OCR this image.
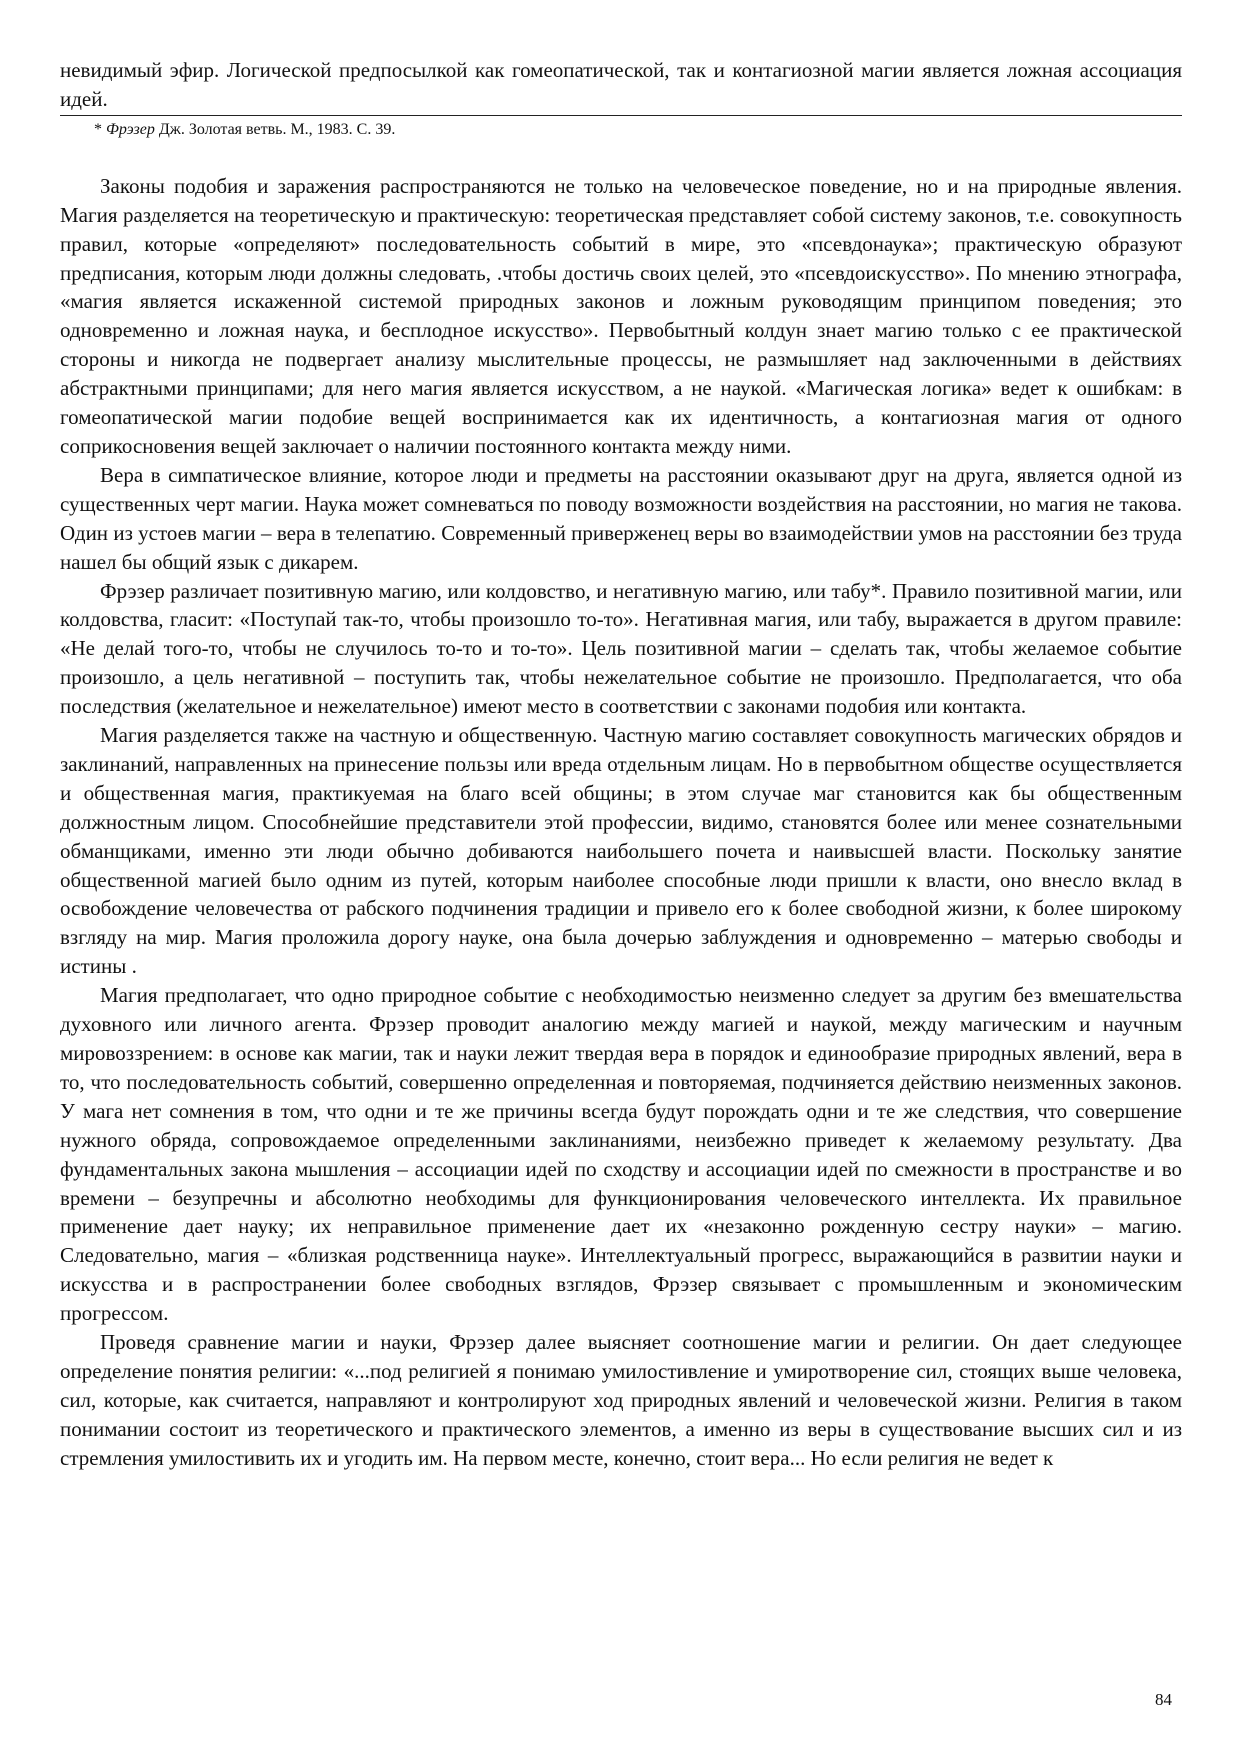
невидимый эфир. Логической предпосылкой как гомеопатической, так и контагиозной магии является ложная ассоциация идей.

* Фрэзер Дж. Золотая ветвь. М., 1983. С. 39.

Законы подобия и заражения распространяются не только на человеческое поведение, но и на природные явления. Магия разделяется на теоретическую и практическую: теоретическая представляет собой систему законов, т.е. совокупность правил, которые «определяют» последовательность событий в мире, это «псевдонаука»; практическую образуют предписания, которым люди должны следовать, .чтобы достичь своих целей, это «псевдоискусство». По мнению этнографа, «магия является искаженной системой природных законов и ложным руководящим принципом поведения; это одновременно и ложная наука, и бесплодное искусство». Первобытный колдун знает магию только с ее практической стороны и никогда не подвергает анализу мыслительные процессы, не размышляет над заключенными в действиях абстрактными принципами; для него магия является искусством, а не наукой. «Магическая логика» ведет к ошибкам: в гомеопатической магии подобие вещей воспринимается как их идентичность, а контагиозная магия от одного соприкосновения вещей заключает о наличии постоянного контакта между ними.

Вера в симпатическое влияние, которое люди и предметы на расстоянии оказывают друг на друга, является одной из существенных черт магии. Наука может сомневаться по поводу возможности воздействия на расстоянии, но магия не такова. Один из устоев магии – вера в телепатию. Современный приверженец веры во взаимодействии умов на расстоянии без труда нашел бы общий язык с дикарем.

Фрэзер различает позитивную магию, или колдовство, и негативную магию, или табу*. Правило позитивной магии, или колдовства, гласит: «Поступай так-то, чтобы произошло то-то». Негативная магия, или табу, выражается в другом правиле: «Не делай того-то, чтобы не случилось то-то и то-то». Цель позитивной магии – сделать так, чтобы желаемое событие произошло, а цель негативной – поступить так, чтобы нежелательное событие не произошло. Предполагается, что оба последствия (желательное и нежелательное) имеют место в соответствии с законами подобия или контакта.

Магия разделяется также на частную и общественную. Частную магию составляет совокупность магических обрядов и заклинаний, направленных на принесение пользы или вреда отдельным лицам. Но в первобытном обществе осуществляется и общественная магия, практикуемая на благо всей общины; в этом случае маг становится как бы общественным должностным лицом. Способнейшие представители этой профессии, видимо, становятся более или менее сознательными обманщиками, именно эти люди обычно добиваются наибольшего почета и наивысшей власти. Поскольку занятие общественной магией было одним из путей, которым наиболее способные люди пришли к власти, оно внесло вклад в освобождение человечества от рабского подчинения традиции и привело его к более свободной жизни, к более широкому взгляду на мир. Магия проложила дорогу науке, она была дочерью заблуждения и одновременно – матерью свободы и истины .

Магия предполагает, что одно природное событие с необходимостью неизменно следует за другим без вмешательства духовного или личного агента. Фрэзер проводит аналогию между магией и наукой, между магическим и научным мировоззрением: в основе как магии, так и науки лежит твердая вера в порядок и единообразие природных явлений, вера в то, что последовательность событий, совершенно определенная и повторяемая, подчиняется действию неизменных законов. У мага нет сомнения в том, что одни и те же причины всегда будут порождать одни и те же следствия, что совершение нужного обряда, сопровождаемое определенными заклинаниями, неизбежно приведет к желаемому результату. Два фундаментальных закона мышления – ассоциации идей по сходству и ассоциации идей по смежности в пространстве и во времени – безупречны и абсолютно необходимы для функционирования человеческого интеллекта. Их правильное применение дает науку; их неправильное применение дает их «незаконно рожденную сестру науки» – магию. Следовательно, магия – «близкая родственница науке». Интеллектуальный прогресс, выражающийся в развитии науки и искусства и в распространении более свободных взглядов, Фрэзер связывает с промышленным и экономическим прогрессом.

Проведя сравнение магии и науки, Фрэзер далее выясняет соотношение магии и религии. Он дает следующее определение понятия религии: «...под религией я понимаю умилостивление и умиротворение сил, стоящих выше человека, сил, которые, как считается, направляют и контролируют ход природных явлений и человеческой жизни. Религия в таком понимании состоит из теоретического и практического элементов, а именно из веры в существование высших сил и из стремления умилостивить их и угодить им. На первом месте, конечно, стоит вера... Но если религия не ведет к

84
